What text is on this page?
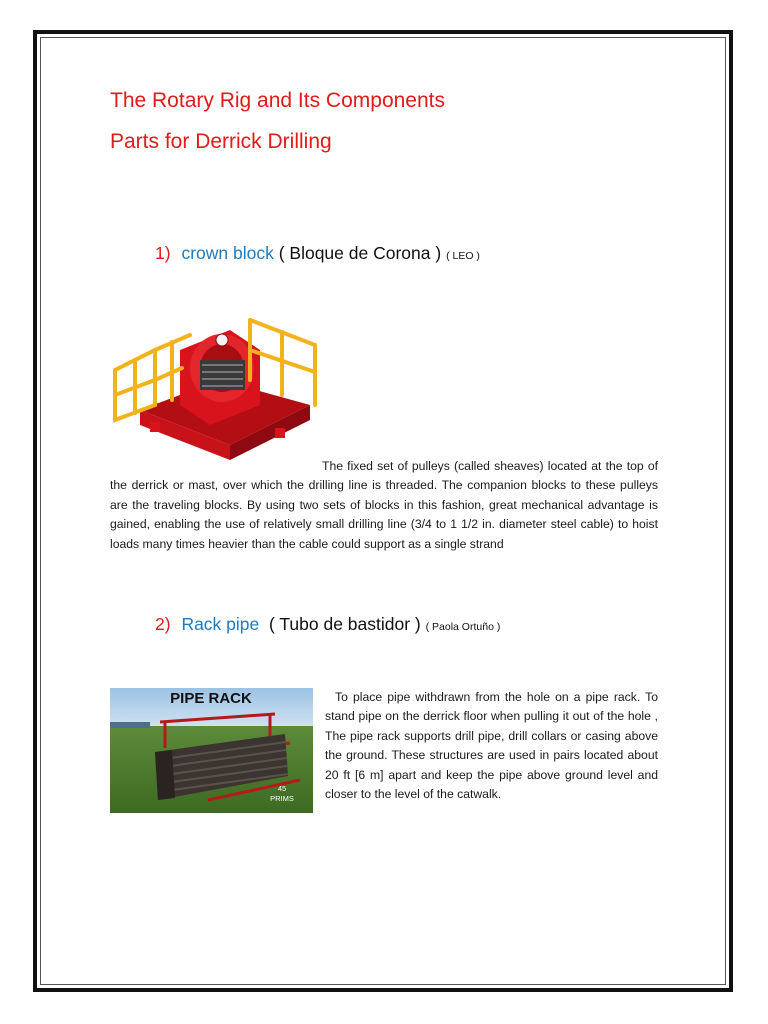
The Rotary Rig and Its Components
Parts for Derrick Drilling
1) crown block ( Bloque de Corona ) ( LEO )

The fixed set of pulleys (called sheaves) located at the top of the derrick or mast, over which the drilling line is threaded. The companion blocks to these pulleys are the traveling blocks. By using two sets of blocks in this fashion, great mechanical advantage is gained, enabling the use of relatively small drilling line (3/4 to 1 1/2 in. diameter steel cable) to hoist loads many times heavier than the cable could support as a single strand

2) Rack pipe ( Tubo de bastidor ) ( Paola Ortuño )
PIPE RACK
45
PRIMS

To place pipe withdrawn from the hole on a pipe rack. To stand pipe on the derrick floor when pulling it out of the hole , The pipe rack supports drill pipe, drill collars or casing above the ground. These structures are used in pairs located about 20 ft [6 m] apart and keep the pipe above ground level and closer to the level of the catwalk.
